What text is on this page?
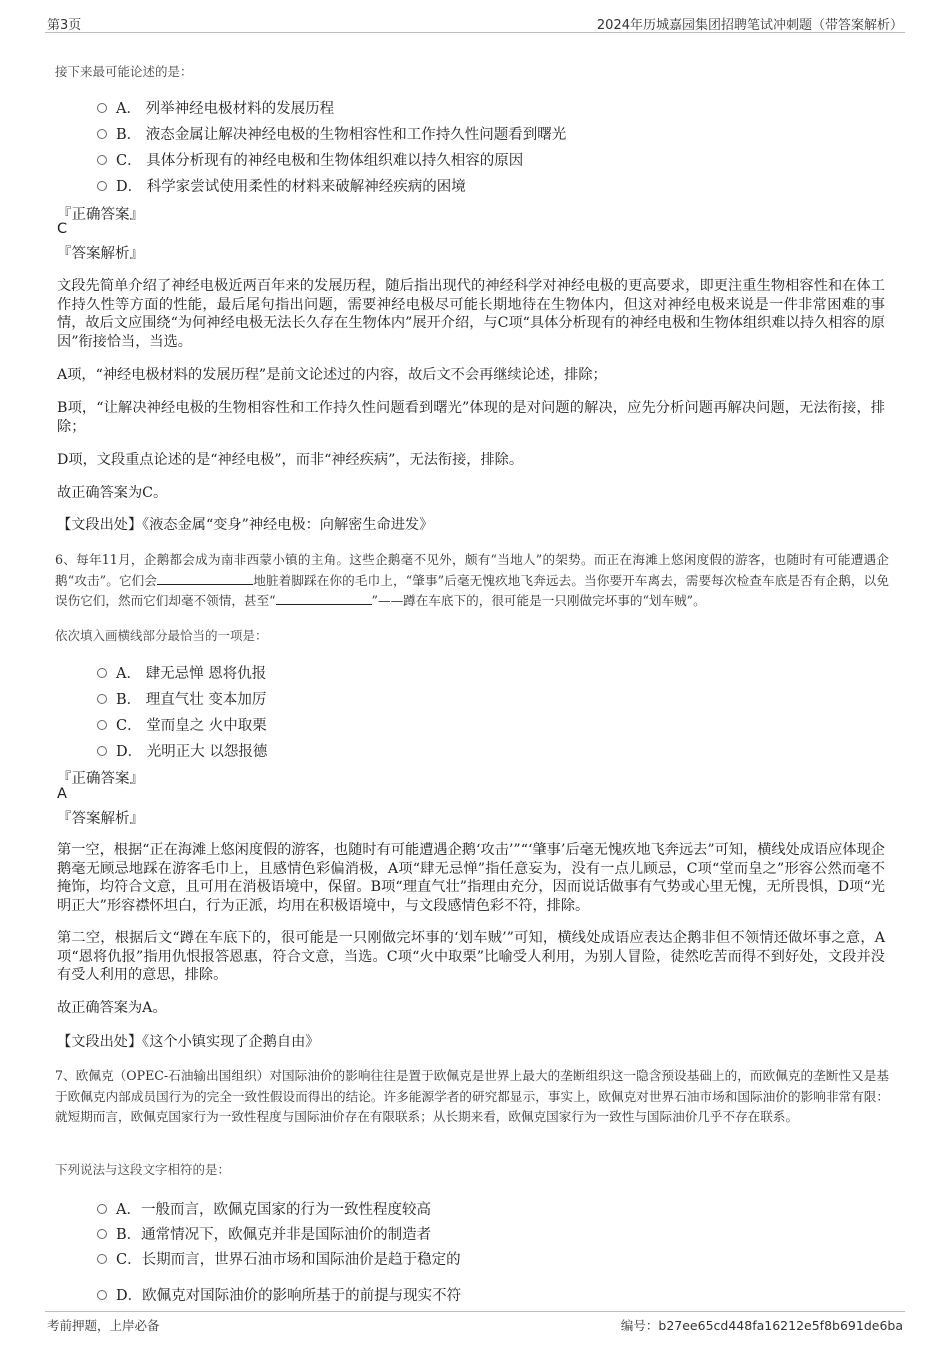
第3页	2024年历城嘉园集团招聘笔试冲刺题（带答案解析）
接下来最可能论述的是：
A． 列举神经电极材料的发展历程
B． 液态金属让解决神经电极的生物相容性和工作持久性问题看到曙光
C． 具体分析现有的神经电极和生物体组织难以持久相容的原因
D． 科学家尝试使用柔性的材料来破解神经疾病的困境
『正确答案』
C
『答案解析』
文段先简单介绍了神经电极近两百年来的发展历程，随后指出现代的神经科学对神经电极的更高要求，即更注重生物相容性和在体工作持久性等方面的性能，最后尾句指出问题，需要神经电极尽可能长期地待在生物体内，但这对神经电极来说是一件非常困难的事情，故后文应围绕“为何神经电极无法长久存在生物体内”展开介绍，与C项“具体分析现有的神经电极和生物体组织难以持久相容的原因”衔接恰当，当选。
A项，“神经电极材料的发展历程”是前文论述过的内容，故后文不会再继续论述，排除；
B项，“让解决神经电极的生物相容性和工作持久性问题看到曙光”体现的是对问题的解决，应先分析问题再解决问题，无法衔接，排除；
D项，文段重点论述的是“神经电极”，而非“神经疾病”，无法衔接，排除。
故正确答案为C。
【文段出处】《液态金属“变身”神经电极：向解密生命进发》
6、每年11月，企鹅都会成为南非西蒙小镇的主角。这些企鹅毫不见外，颇有“当地人”的架势。而正在海滩上悠闲度假的游客，也随时有可能遭遇企鹅“攻击”。它们会	地脏着脚踩在你的毛巾上，“肇事”后毫无愧疚地飞奔远去。当你要开车离去，需要每次检查车底是否有企鹅，以免误伤它们，然而它们却毫不领情，甚至“	”——蹲在车底下的，很可能是一只刚做完坏事的“划车贼”。
依次填入画横线部分最恰当的一项是：
A． 肆无忌惮 恩将仇报
B． 理直气壮 变本加厉
C． 堂而皇之 火中取栗
D． 光明正大 以怨报德
『正确答案』
A
『答案解析』
第一空，根据“正在海滩上悠闲度假的游客，也随时有可能遭遇企鹅‘攻击’”“‘肇事’后毫无愧疚地飞奔远去”可知，横线处成语应体现企鹅毫无顾忌地踩在游客毛巾上，且感情色彩偏消极，A项“肆无忌惮”指任意妄为，没有一点儿顾忌，C项“堂而皇之”形容公然而毫不掩饰，均符合文意，且可用在消极语境中，保留。B项“理直气壮”指理由充分，因而说话做事有气势或心里无愧，无所畏惧，D项“光明正大”形容襟怀坦白，行为正派，均用在积极语境中，与文段感情色彩不符，排除。
第二空，根据后文“蹲在车底下的，很可能是一只刚做完坏事的‘划车贼’”可知，横线处成语应表达企鹅非但不领情还做坏事之意，A项“恩将仇报”指用仇恨报答恩惠，符合文意，当选。C项“火中取栗”比喻受人利用，为别人冒险，徒然吃苦而得不到好处，文段并没有受人利用的意思，排除。
故正确答案为A。
【文段出处】《这个小镇实现了企鹅自由》
7、欧佩克（OPEC-石油输出国组织）对国际油价的影响往往是置于欧佩克是世界上最大的垄断组织这一隐含预设基础上的，而欧佩克的垄断性又是基于欧佩克内部成员国行为的完全一致性假设而得出的结论。许多能源学者的研究都显示，事实上，欧佩克对世界石油市场和国际油价的影响非常有限：就短期而言，欧佩克国家行为一致性程度与国际油价存在有限联系；从长期来看，欧佩克国家行为一致性与国际油价几乎不存在联系。
下列说法与这段文字相符的是：
A．一般而言，欧佩克国家的行为一致性程度较高
B．通常情况下，欧佩克并非是国际油价的制造者
C．长期而言，世界石油市场和国际油价是趋于稳定的
D．欧佩克对国际油价的影响所基于的前提与现实不符
考前押题，上岸必备	编号：b27ee65cd448fa16212e5f8b691de6ba
